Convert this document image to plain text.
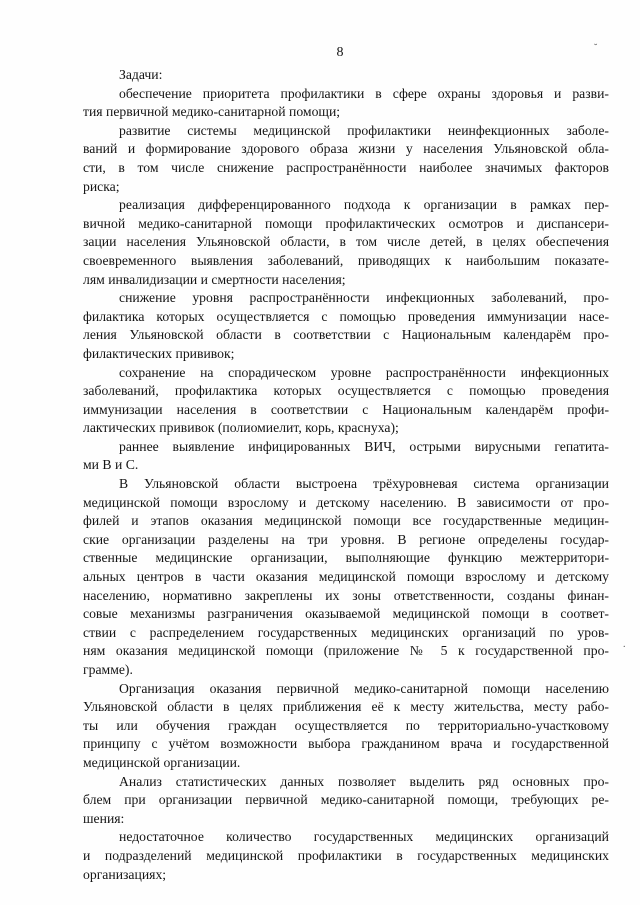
8	˘
.
Задачи:
обеспечение приоритета профилактики в сфере охраны здоровья и разви-
тия первичной медико-санитарной помощи;
развитие системы медицинской профилактики неинфекционных заболе-
ваний и формирование здорового образа жизни у населения Ульяновской обла-
сти, в том числе снижение распространённости наиболее значимых факторов
риска;
реализация дифференцированного подхода к организации в рамках пер-
вичной медико-санитарной помощи профилактических осмотров и диспансери-
зации населения Ульяновской области, в том числе детей, в целях обеспечения
своевременного выявления заболеваний, приводящих к наибольшим показате-
лям инвалидизации и смертности населения;
снижение уровня распространённости инфекционных заболеваний, про-
филактика которых осуществляется с помощью проведения иммунизации насе-
ления Ульяновской области в соответствии с Национальным календарём про-
филактических прививок;
сохранение на спорадическом уровне распространённости инфекционных
заболеваний, профилактика которых осуществляется с помощью проведения
иммунизации населения в соответствии с Национальным календарём профи-
лактических прививок (полиомиелит, корь, краснуха);
раннее выявление инфицированных ВИЧ, острыми вирусными гепатита-
ми В и С.
В Ульяновской области выстроена трёхуровневая система организации
медицинской помощи взрослому и детскому населению. В зависимости от про-
филей и этапов оказания медицинской помощи все государственные медицин-
ские организации разделены на три уровня. В регионе определены государ-
ственные медицинские организации, выполняющие функцию межтерритори-
альных центров в части оказания медицинской помощи взрослому и детскому
населению, нормативно закреплены их зоны ответственности, созданы финан-
совые механизмы разграничения оказываемой медицинской помощи в соответ-
ствии с распределением государственных медицинских организаций по уров-
ням оказания медицинской помощи (приложение № 5 к государственной про-
грамме).
Организация оказания первичной медико-санитарной помощи населению
Ульяновской области в целях приближения её к месту жительства, месту рабо-
ты или обучения граждан осуществляется по территориально-участковому
принципу с учётом возможности выбора гражданином врача и государственной
медицинской организации.
Анализ статистических данных позволяет выделить ряд основных про-
блем при организации первичной медико-санитарной помощи, требующих ре-
шения:
недостаточное количество государственных медицинских организаций
и подразделений медицинской профилактики в государственных медицинских
организациях;
